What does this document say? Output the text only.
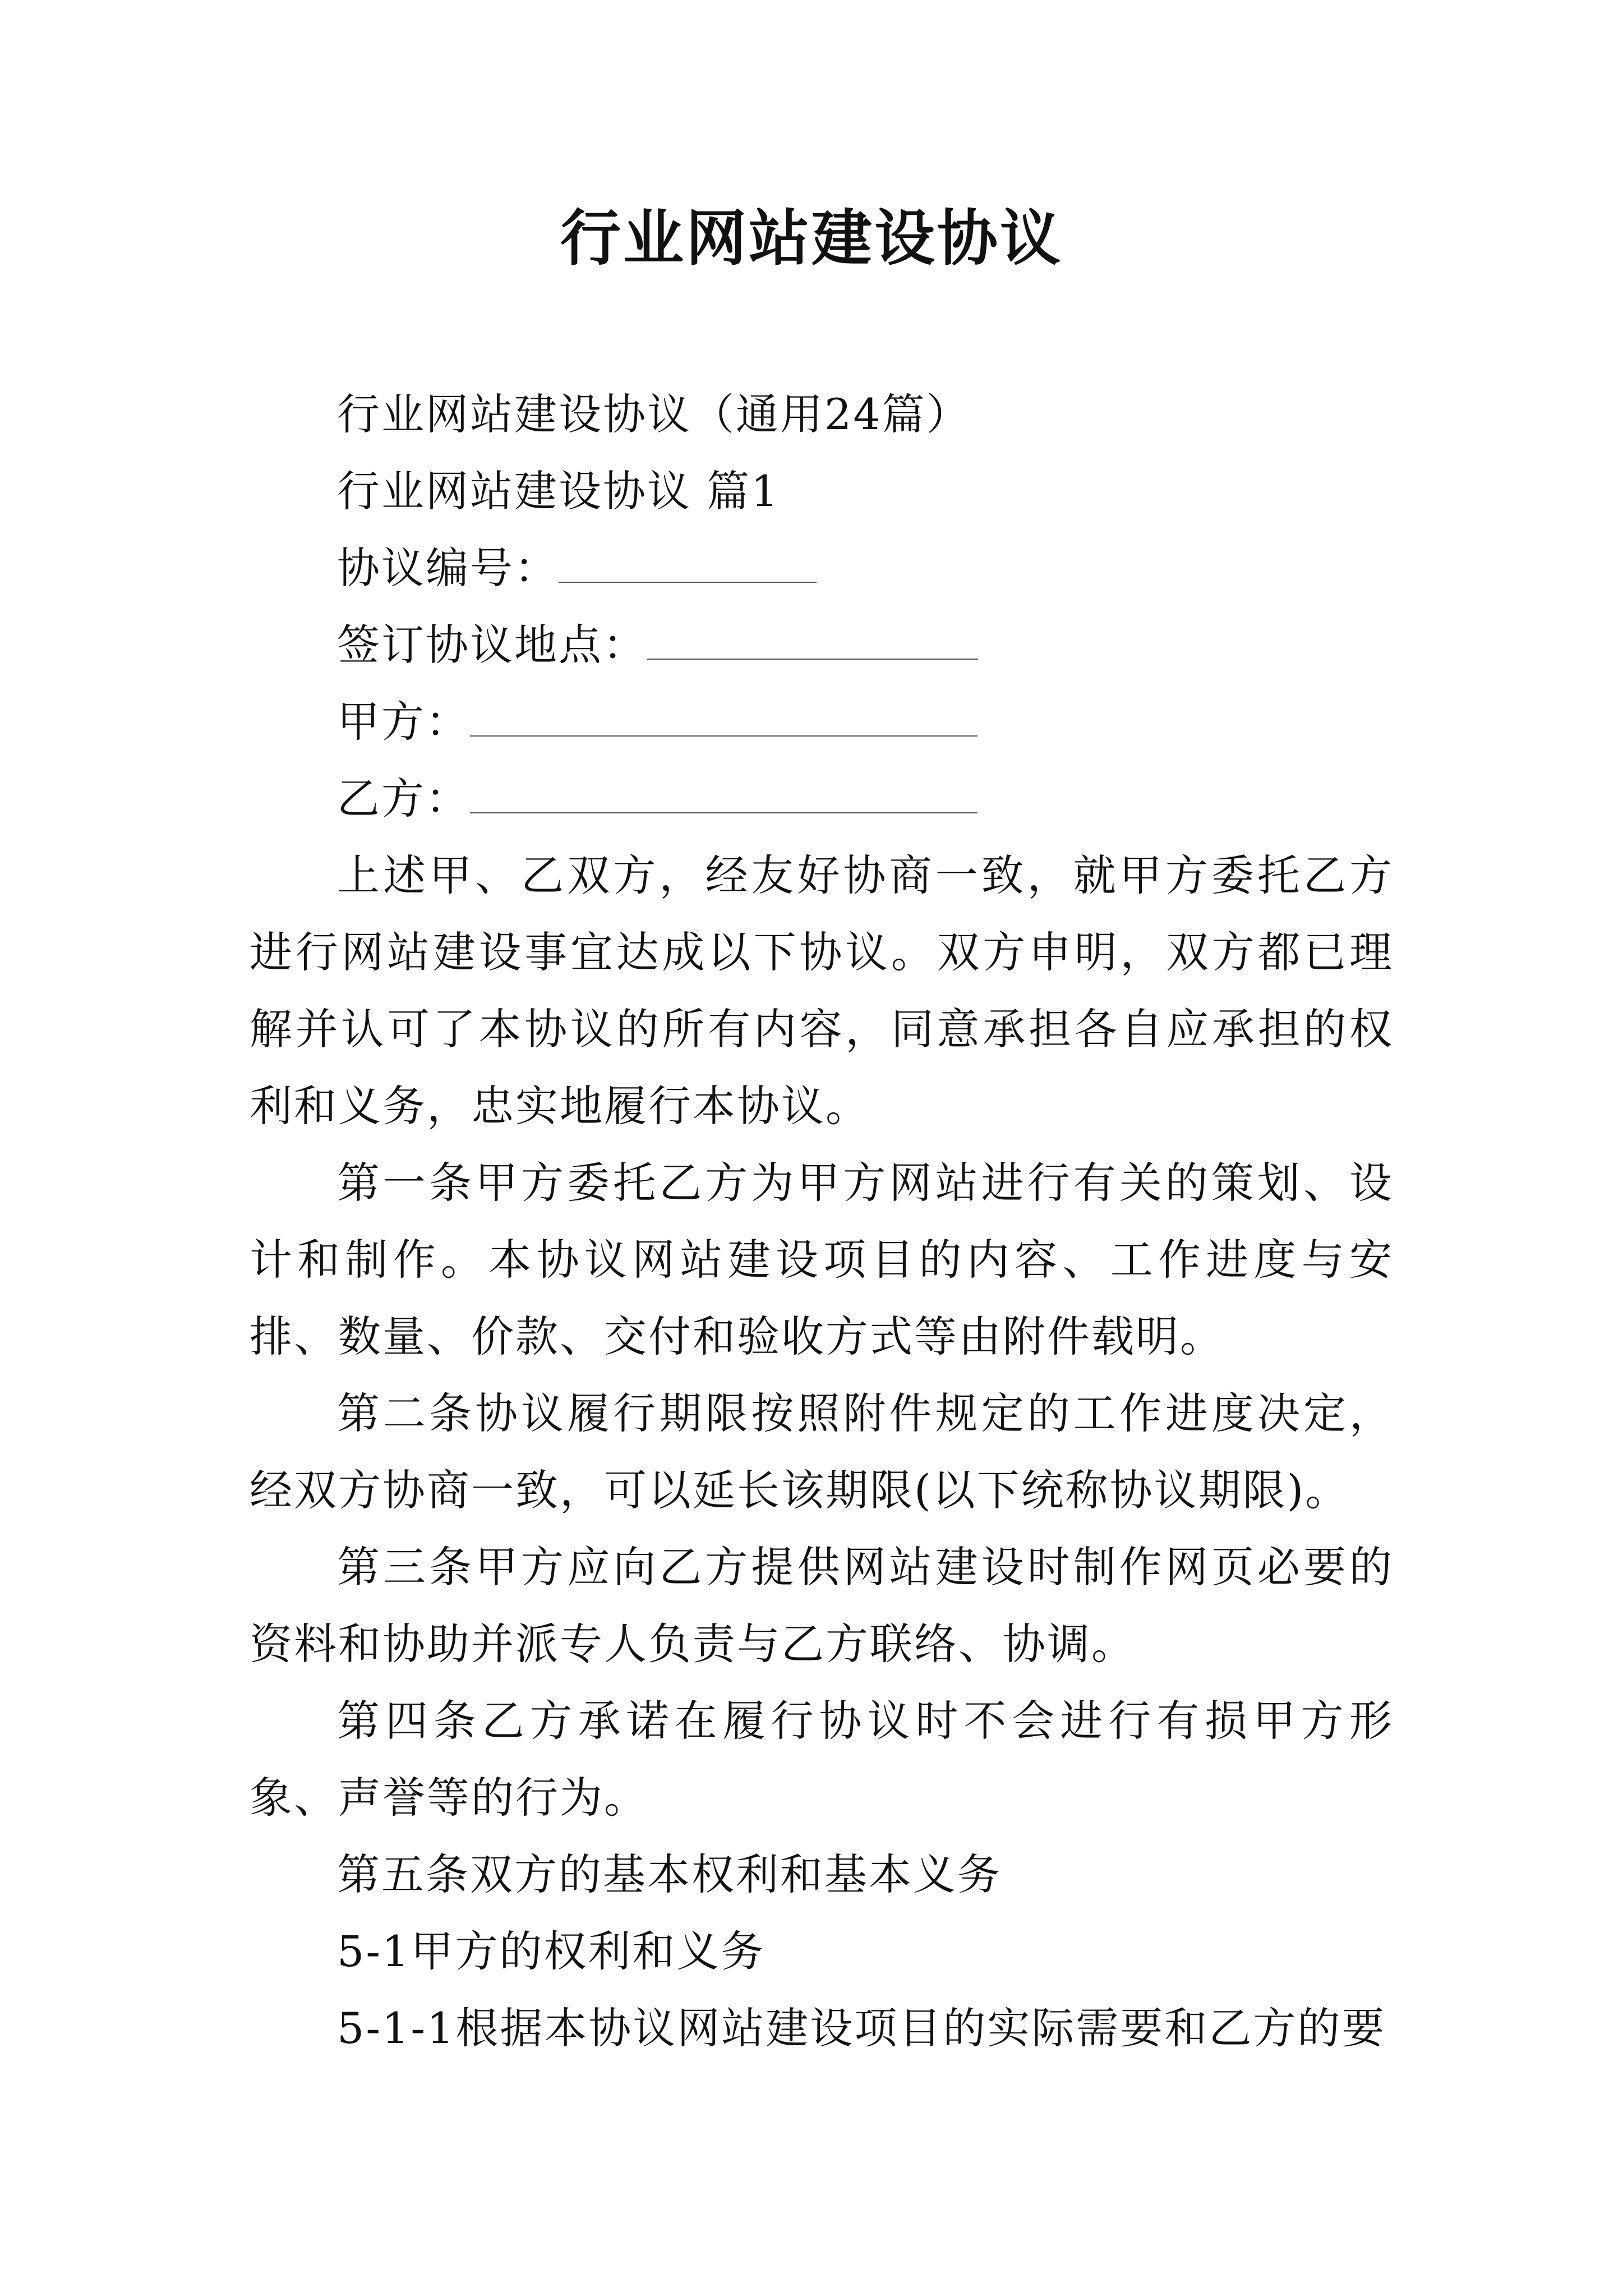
行业网站建设协议

行业网站建设协议（通用24篇）

行业网站建设协议 篇1

协议编号：

签订协议地点：

甲方：

乙方：

上述甲、乙双方，经友好协商一致，就甲方委托乙方进行网站建设事宜达成以下协议。双方申明，双方都已理解并认可了本协议的所有内容，同意承担各自应承担的权利和义务，忠实地履行本协议。

第一条甲方委托乙方为甲方网站进行有关的策划、设计和制作。本协议网站建设项目的内容、工作进度与安排、数量、价款、交付和验收方式等由附件载明。

第二条协议履行期限按照附件规定的工作进度决定，经双方协商一致，可以延长该期限(以下统称协议期限)。

第三条甲方应向乙方提供网站建设时制作网页必要的资料和协助并派专人负责与乙方联络、协调。

第四条乙方承诺在履行协议时不会进行有损甲方形象、声誉等的行为。

第五条双方的基本权利和基本义务

5-1甲方的权利和义务

5-1-1根据本协议网站建设项目的实际需要和乙方的要
